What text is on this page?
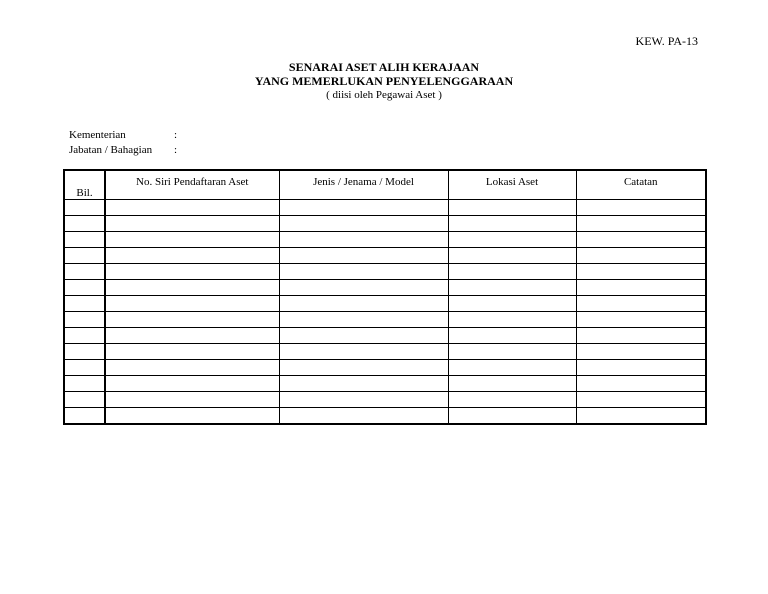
KEW. PA-13
SENARAI ASET ALIH KERAJAAN
YANG MEMERLUKAN PENYELENGGARAAN
( diisi oleh Pegawai Aset )
Kementerian	:
Jabatan / Bahagian	:
Bil.	No. Siri Pendaftaran Aset	Jenis / Jenama / Model	Lokasi Aset	Catatan
